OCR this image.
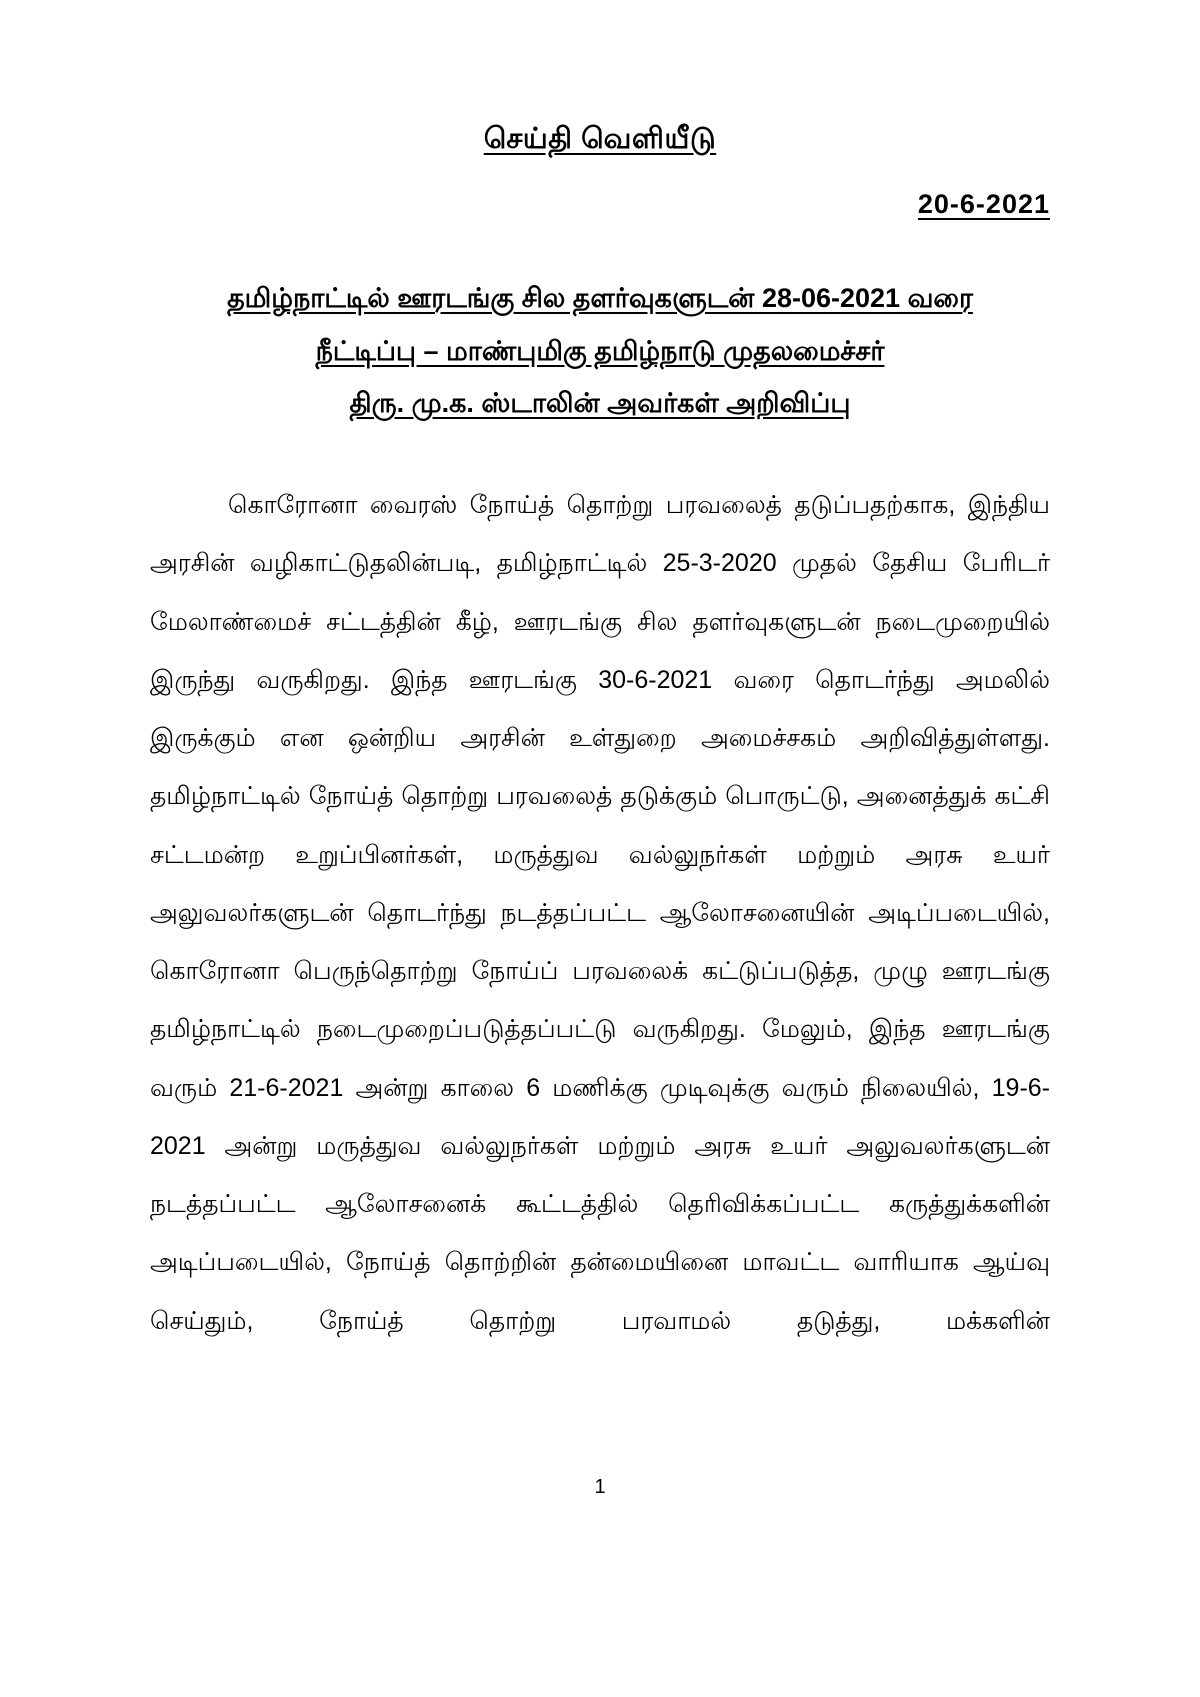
செய்தி வெளியீடு
20-6-2021
தமிழ்நாட்டில் ஊரடங்கு சில தளர்வுகளுடன் 28-06-2021 வரை
நீட்டிப்பு – மாண்புமிகு தமிழ்நாடு முதலமைச்சர்
திரு. மு.க. ஸ்டாலின் அவர்கள் அறிவிப்பு

கொரோனா வைரஸ் நோய்த் தொற்று பரவலைத் தடுப்பதற்காக, இந்திய அரசின் வழிகாட்டுதலின்படி, தமிழ்நாட்டில் 25-3-2020 முதல் தேசிய பேரிடர் மேலாண்மைச் சட்டத்தின் கீழ், ஊரடங்கு சில தளர்வுகளுடன் நடைமுறையில் இருந்து வருகிறது. இந்த ஊரடங்கு 30-6-2021 வரை தொடர்ந்து அமலில் இருக்கும் என ஒன்றிய அரசின் உள்துறை அமைச்சகம் அறிவித்துள்ளது. தமிழ்நாட்டில் நோய்த் தொற்று பரவலைத் தடுக்கும் பொருட்டு, அனைத்துக் கட்சி சட்டமன்ற உறுப்பினர்கள், மருத்துவ வல்லுநர்கள் மற்றும் அரசு உயர் அலுவலர்களுடன் தொடர்ந்து நடத்தப்பட்ட ஆலோசனையின் அடிப்படையில், கொரோனா பெருந்தொற்று நோய்ப் பரவலைக் கட்டுப்படுத்த, முழு ஊரடங்கு தமிழ்நாட்டில் நடைமுறைப்படுத்தப்பட்டு வருகிறது. மேலும், இந்த ஊரடங்கு வரும் 21-6-2021 அன்று காலை 6 மணிக்கு முடிவுக்கு வரும் நிலையில், 19-6-2021 அன்று மருத்துவ வல்லுநர்கள் மற்றும் அரசு உயர் அலுவலர்களுடன் நடத்தப்பட்ட ஆலோசனைக் கூட்டத்தில் தெரிவிக்கப்பட்ட கருத்துக்களின் அடிப்படையில், நோய்த் தொற்றின் தன்மையினை மாவட்ட வாரியாக ஆய்வு செய்தும், நோய்த் தொற்று பரவாமல் தடுத்து, மக்களின்

1
